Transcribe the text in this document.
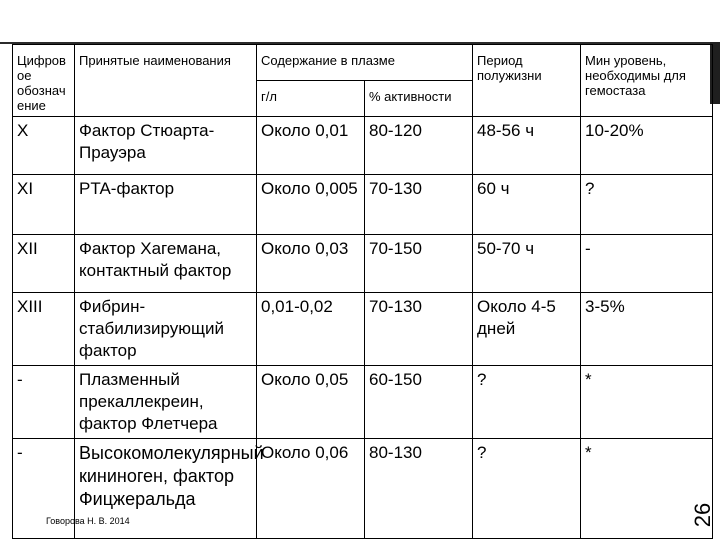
Цифров ое обознач ение	Принятые наименования	Содержание в плазме		Период полужизни	Мин уровень, необходимы для гемостаза
		г/л	% активности		
X	Фактор Стюарта-Прауэра	Около 0,01	80-120	48-56 ч	10-20%
XI	PTA-фактор	Около 0,005	70-130	60 ч	?
XII	Фактор Хагемана, контактный фактор	Около 0,03	70-150	50-70 ч	-
XIII	Фибрин-стабилизирующий фактор	0,01-0,02	70-130	Около 4-5 дней	3-5%
-	Плазменный прекаллекреин, фактор Флетчера	Около 0,05	60-150	?	*
-	Высокомолекулярный кининоген, фактор Фицжеральда	Около 0,06	80-130	?	*
Говорова Н. В. 2014	26
